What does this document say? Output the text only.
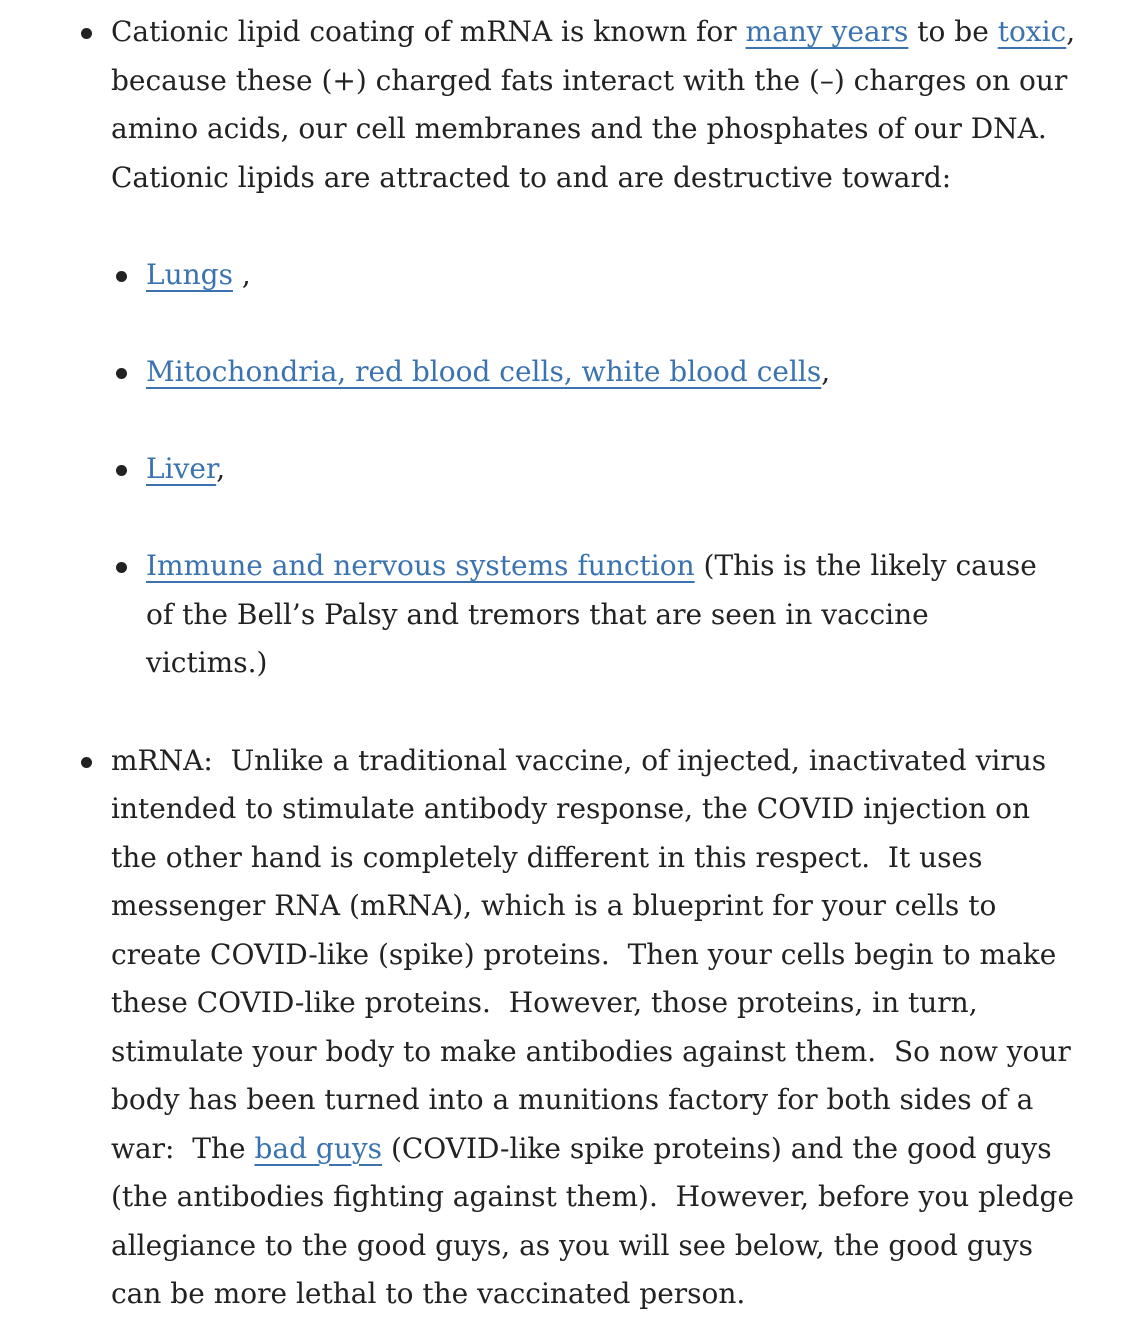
Cationic lipid coating of mRNA is known for many years to be toxic, because these (+) charged fats interact with the (–) charges on our amino acids, our cell membranes and the phosphates of our DNA. Cationic lipids are attracted to and are destructive toward:
Lungs ,
Mitochondria, red blood cells, white blood cells,
Liver,
Immune and nervous systems function (This is the likely cause of the Bell’s Palsy and tremors that are seen in vaccine victims.)
mRNA:  Unlike a traditional vaccine, of injected, inactivated virus intended to stimulate antibody response, the COVID injection on the other hand is completely different in this respect.  It uses messenger RNA (mRNA), which is a blueprint for your cells to create COVID-like (spike) proteins.  Then your cells begin to make these COVID-like proteins.  However, those proteins, in turn, stimulate your body to make antibodies against them.  So now your body has been turned into a munitions factory for both sides of a war:  The bad guys (COVID-like spike proteins) and the good guys (the antibodies fighting against them).  However, before you pledge allegiance to the good guys, as you will see below, the good guys can be more lethal to the vaccinated person.
